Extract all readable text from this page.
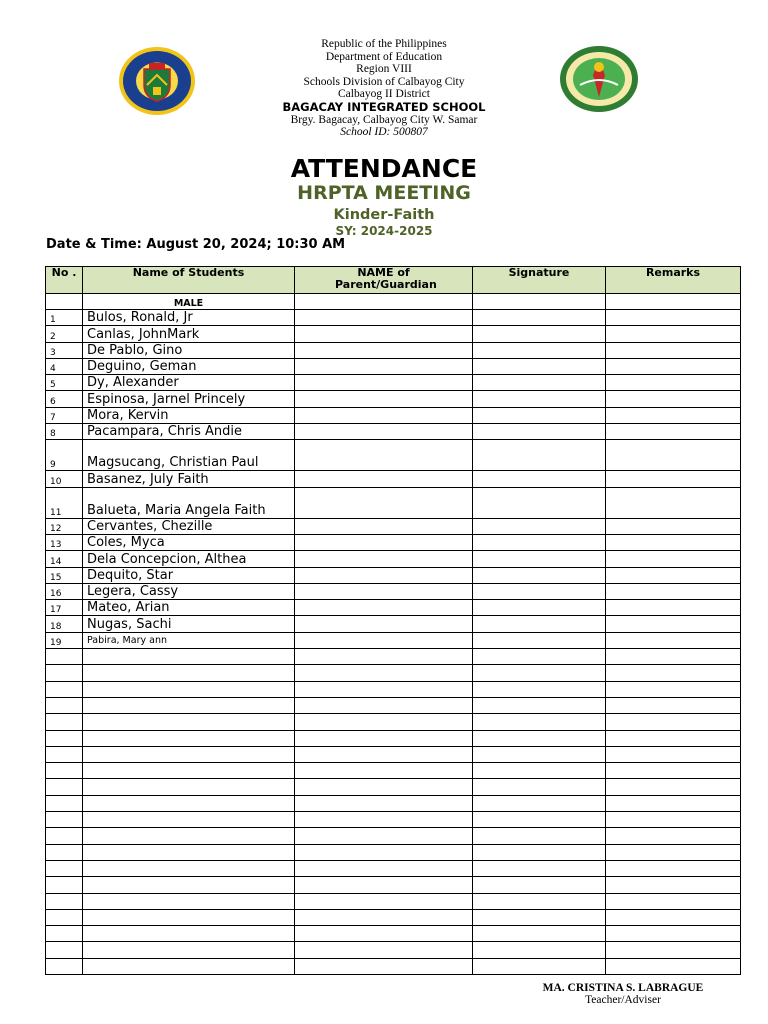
Republic of the Philippines
Department of Education
Region VIII
Schools Division of Calbayog City
Calbayog II District
BAGACAY INTEGRATED SCHOOL
Brgy. Bagacay, Calbayog City W. Samar
School ID: 500807
ATTENDANCE
HRPTA MEETING
Kinder-Faith
SY: 2024-2025
Date & Time: August 20, 2024; 10:30 AM
No .	Name of Students	NAME of Parent/Guardian	Signature	Remarks
	MALE			
1	Bulos, Ronald, Jr			
2	Canlas, JohnMark			
3	De Pablo, Gino			
4	Deguino, Geman			
5	Dy, Alexander			
6	Espinosa, Jarnel Princely			
7	Mora, Kervin			
8	Pacampara, Chris Andie			
9	Magsucang, Christian Paul			
10	Basanez, July Faith			
11	Balueta, Maria Angela Faith			
12	Cervantes, Chezille			
13	Coles, Myca			
14	Dela Concepcion, Althea			
15	Dequito, Star			
16	Legera, Cassy			
17	Mateo, Arian			
18	Nugas, Sachi			
19	Pabira, Mary ann			

MA. CRISTINA S. LABRAGUE
Teacher/Adviser
